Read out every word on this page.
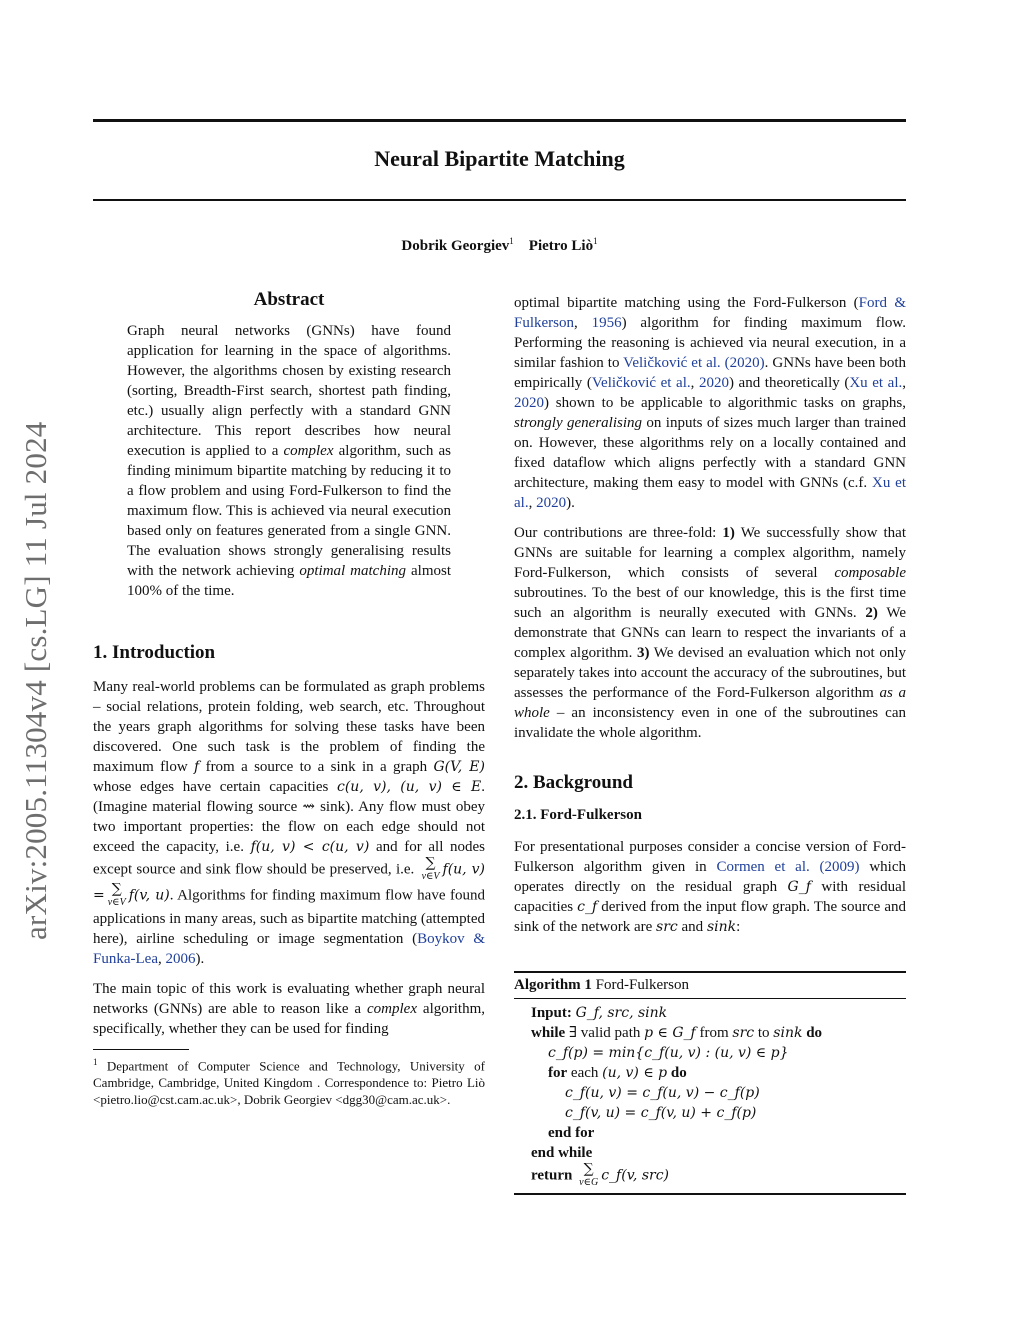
arXiv:2005.11304v4 [cs.LG] 11 Jul 2024
Neural Bipartite Matching
Dobrik Georgiev$^1$ Pietro Liò$^1$
Abstract

Graph neural networks (GNNs) have found application for learning in the space of algorithms. However, the algorithms chosen by existing research (sorting, Breadth-First search, shortest path finding, etc.) usually align perfectly with a standard GNN architecture. This report describes how neural execution is applied to a complex algorithm, such as finding minimum bipartite matching by reducing it to a flow problem and using Ford-Fulkerson to find the maximum flow. This is achieved via neural execution based only on features generated from a single GNN. The evaluation shows strongly generalising results with the network achieving optimal matching almost 100% of the time.

1. Introduction

Many real-world problems can be formulated as graph problems – social relations, protein folding, web search, etc. Throughout the years graph algorithms for solving these tasks have been discovered. One such task is the problem of finding the maximum flow f from a source to a sink in a graph G(V, E) whose edges have certain capacities c(u, v), (u, v) ∈ E. (Imagine material flowing source ⇝ sink). Any flow must obey two important properties: the flow on each edge should not exceed the capacity, i.e. f(u, v) < c(u, v) and for all nodes except source and sink flow should be preserved, i.e. ∑
v∈V f(u, v) = ∑
v∈V f(v, u). Algorithms for finding maximum flow have found applications in many areas, such as bipartite matching (attempted here), airline scheduling or image segmentation (Boykov & Funka-Lea, 2006).

The main topic of this work is evaluating whether graph neural networks (GNNs) are able to reason like a complex algorithm, specifically, whether they can be used for finding

$^1$ Department of Computer Science and Technology, University of Cambridge, Cambridge, United Kingdom . Correspondence to: Pietro Liò <pietro.lio@cst.cam.ac.uk>, Dobrik Georgiev <dgg30@cam.ac.uk>.

optimal bipartite matching using the Ford-Fulkerson (Ford & Fulkerson, 1956) algorithm for finding maximum flow. Performing the reasoning is achieved via neural execution, in a similar fashion to Veličković et al. (2020). GNNs have been both empirically (Veličković et al., 2020) and theoretically (Xu et al., 2020) shown to be applicable to algorithmic tasks on graphs, strongly generalising on inputs of sizes much larger than trained on. However, these algorithms rely on a locally contained and fixed dataflow which aligns perfectly with a standard GNN architecture, making them easy to model with GNNs (c.f. Xu et al., 2020).

Our contributions are three-fold: 1) We successfully show that GNNs are suitable for learning a complex algorithm, namely Ford-Fulkerson, which consists of several composable subroutines. To the best of our knowledge, this is the first time such an algorithm is neurally executed with GNNs. 2) We demonstrate that GNNs can learn to respect the invariants of a complex algorithm. 3) We devised an evaluation which not only separately takes into account the accuracy of the subroutines, but assesses the performance of the Ford-Fulkerson algorithm as a whole – an inconsistency even in one of the subroutines can invalidate the whole algorithm.

2. Background
2.1. Ford-Fulkerson

For presentational purposes consider a concise version of Ford-Fulkerson algorithm given in Cormen et al. (2009) which operates directly on the residual graph G_f with residual capacities c_f derived from the input flow graph. The source and sink of the network are src and sink:

Algorithm 1 Ford-Fulkerson
Input: G_f, src, sink
while ∃ valid path p ∈ G_f from src to sink do
c_f(p) = min{c_f(u, v) : (u, v) ∈ p}
for each (u, v) ∈ p do
c_f(u, v) = c_f(u, v) − c_f(p)
c_f(v, u) = c_f(v, u) + c_f(p)
end for
end while
return ∑
v∈G c_f(v, src)
